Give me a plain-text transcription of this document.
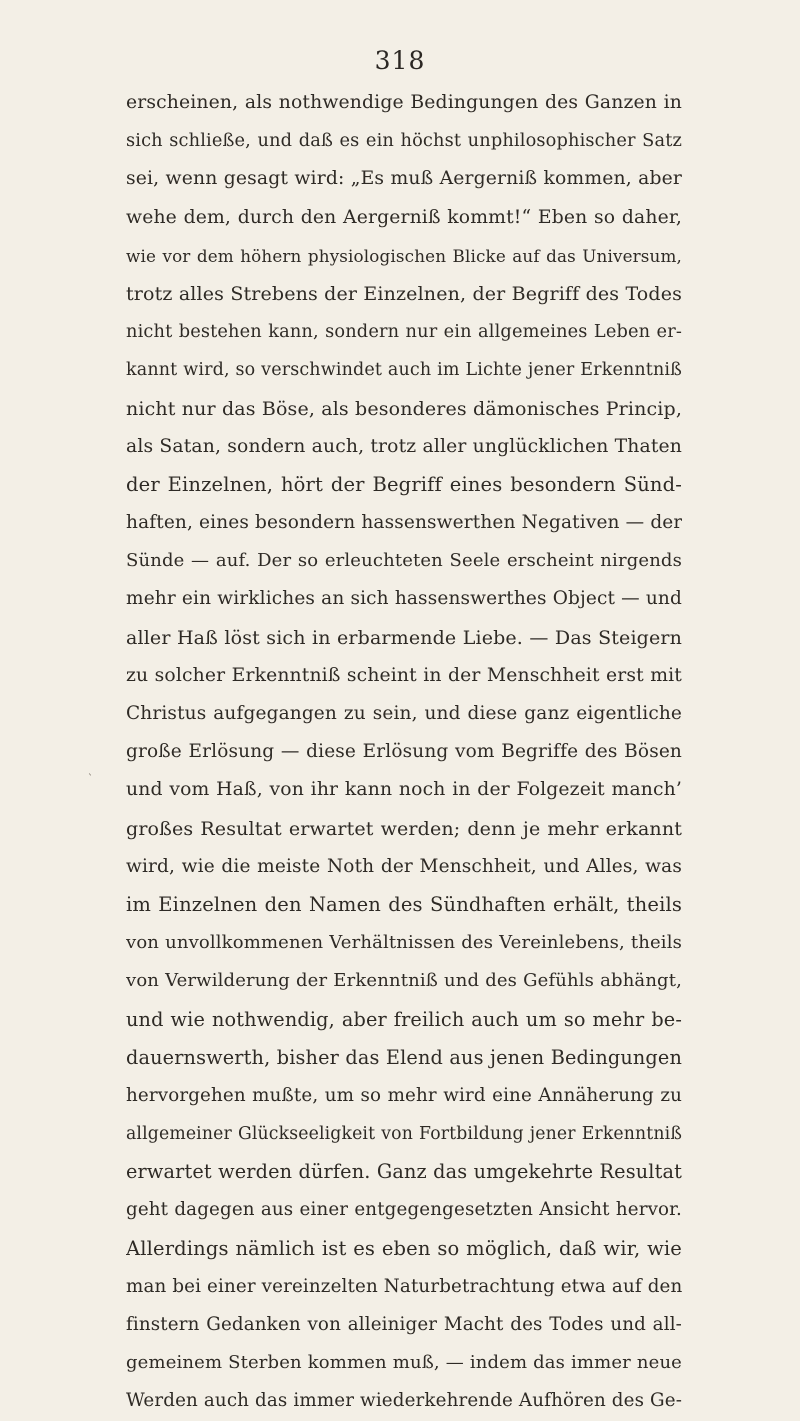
318
ˋ
erscheinen, als nothwendige Bedingungen des Ganzen in
sich schließe, und daß es ein höchst unphilosophischer Satz
sei, wenn gesagt wird: „Es muß Aergerniß kommen, aber
wehe dem, durch den Aergerniß kommt!“ Eben so daher,
wie vor dem höhern physiologischen Blicke auf das Universum,
trotz alles Strebens der Einzelnen, der Begriff des Todes
nicht bestehen kann, sondern nur ein allgemeines Leben er-
kannt wird, so verschwindet auch im Lichte jener Erkenntniß
nicht nur das Böse, als besonderes dämonisches Princip,
als Satan, sondern auch, trotz aller unglücklichen Thaten
der Einzelnen, hört der Begriff eines besondern Sünd-
haften, eines besondern hassenswerthen Negativen — der
Sünde — auf. Der so erleuchteten Seele erscheint nirgends
mehr ein wirkliches an sich hassenswerthes Object — und
aller Haß löst sich in erbarmende Liebe. — Das Steigern
zu solcher Erkenntniß scheint in der Menschheit erst mit
Christus aufgegangen zu sein, und diese ganz eigentliche
große Erlösung — diese Erlösung vom Begriffe des Bösen
und vom Haß, von ihr kann noch in der Folgezeit manch’
großes Resultat erwartet werden; denn je mehr erkannt
wird, wie die meiste Noth der Menschheit, und Alles, was
im Einzelnen den Namen des Sündhaften erhält, theils
von unvollkommenen Verhältnissen des Vereinlebens, theils
von Verwilderung der Erkenntniß und des Gefühls abhängt,
und wie nothwendig, aber freilich auch um so mehr be-
dauernswerth, bisher das Elend aus jenen Bedingungen
hervorgehen mußte, um so mehr wird eine Annäherung zu
allgemeiner Glückseeligkeit von Fortbildung jener Erkenntniß
erwartet werden dürfen. Ganz das umgekehrte Resultat
geht dagegen aus einer entgegengesetzten Ansicht hervor.
Allerdings nämlich ist es eben so möglich, daß wir, wie
man bei einer vereinzelten Naturbetrachtung etwa auf den
finstern Gedanken von alleiniger Macht des Todes und all-
gemeinem Sterben kommen muß, — indem das immer neue
Werden auch das immer wiederkehrende Aufhören des Ge-
